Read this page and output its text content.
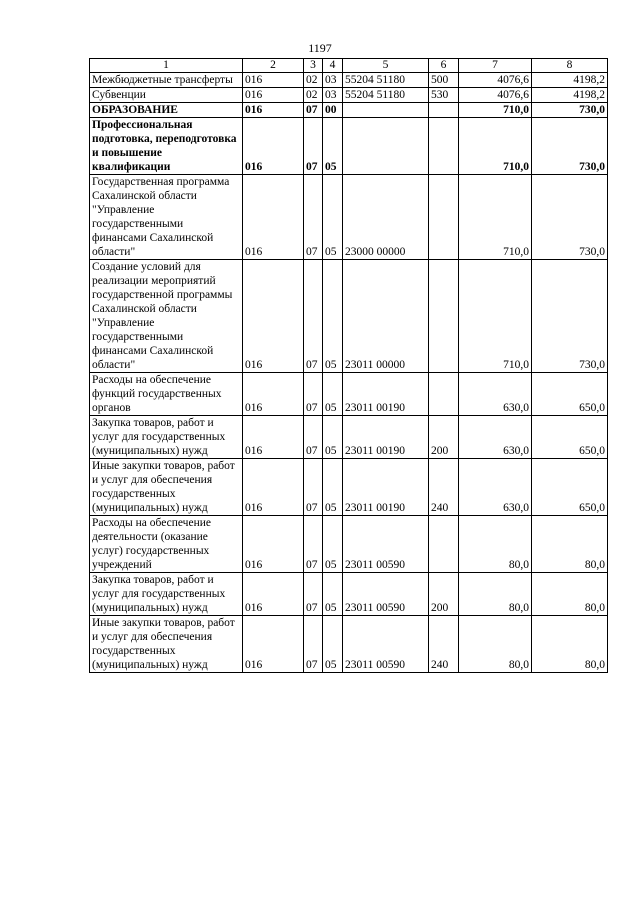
1197
1	2	3	4	5	6	7	8
Межбюджетные трансферты	016	02	03	55204 51180	500	4076,6	4198,2
Субвенции	016	02	03	55204 51180	530	4076,6	4198,2
ОБРАЗОВАНИЕ	016	07	00			710,0	730,0
Профессиональная подготовка, переподготовка и повышение квалификации	016	07	05			710,0	730,0
Государственная программа Сахалинской области "Управление государственными финансами Сахалинской области"	016	07	05	23000 00000		710,0	730,0
Создание условий для реализации мероприятий государственной программы Сахалинской области "Управление государственными финансами Сахалинской области"	016	07	05	23011 00000		710,0	730,0
Расходы на обеспечение функций государственных органов	016	07	05	23011 00190		630,0	650,0
Закупка товаров, работ и услуг для государственных (муниципальных) нужд	016	07	05	23011 00190	200	630,0	650,0
Иные закупки товаров, работ и услуг для обеспечения государственных (муниципальных) нужд	016	07	05	23011 00190	240	630,0	650,0
Расходы на обеспечение деятельности (оказание услуг) государственных учреждений	016	07	05	23011 00590		80,0	80,0
Закупка товаров, работ и услуг для государственных (муниципальных) нужд	016	07	05	23011 00590	200	80,0	80,0
Иные закупки товаров, работ и услуг для обеспечения государственных (муниципальных) нужд	016	07	05	23011 00590	240	80,0	80,0
